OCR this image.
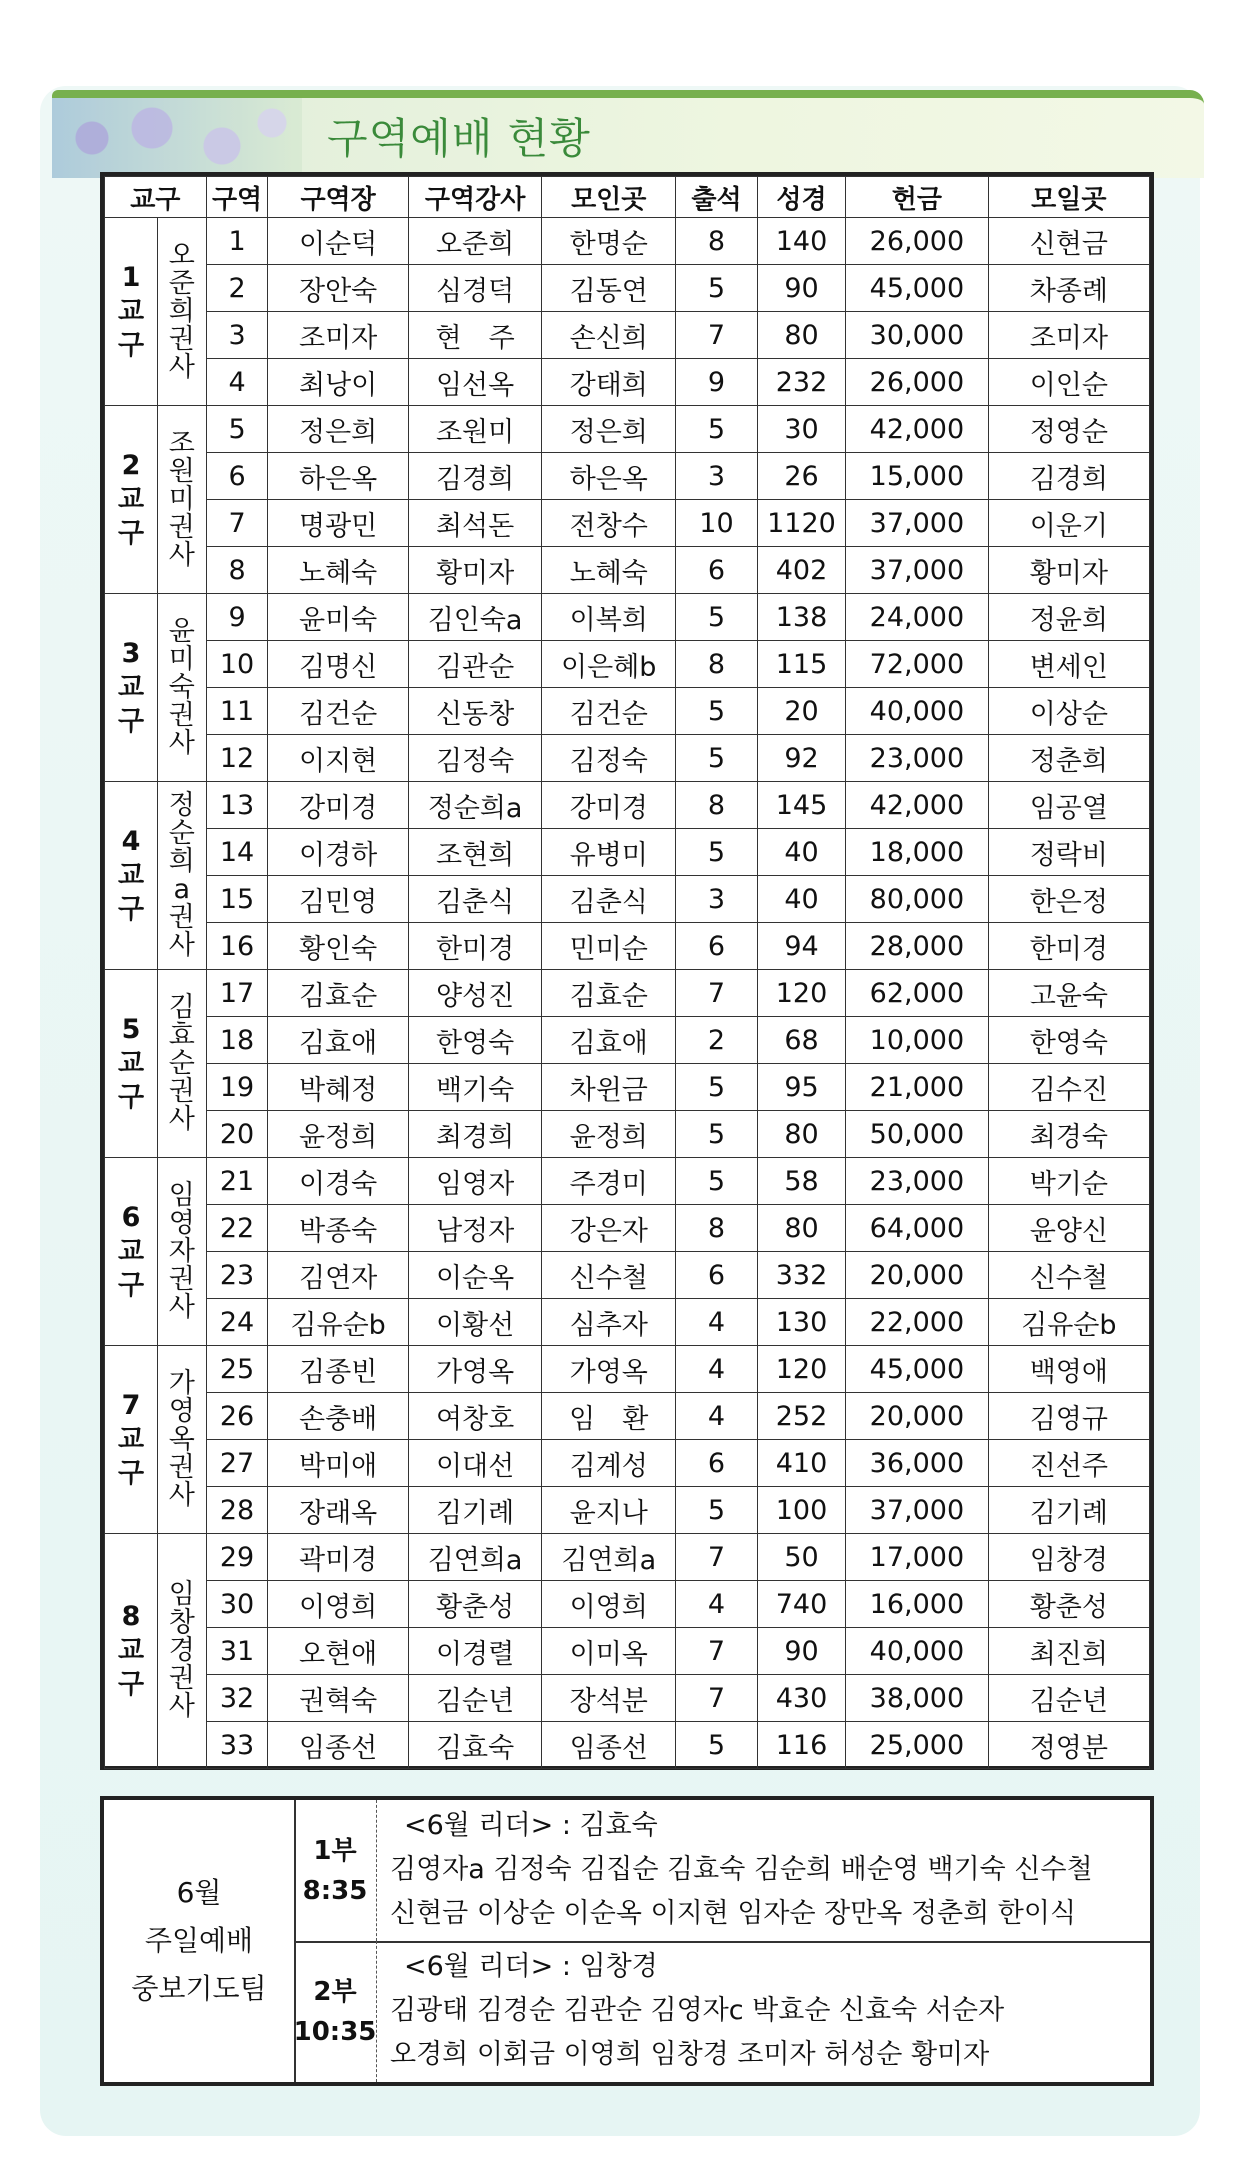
구역예배 현황
교구		구역	구역장	구역강사	모인곳	출석	성경	헌금	모일곳
1교구	오준희 권사	1	이순덕	오준희	한명순	8	140	26,000	신현금
		2	장안숙	심경덕	김동연	5	90	45,000	차종례
		3	조미자	현　주	손신희	7	80	30,000	조미자
		4	최낭이	임선옥	강태희	9	232	26,000	이인순
2교구	조원미 권사	5	정은희	조원미	정은희	5	30	42,000	정영순
		6	하은옥	김경희	하은옥	3	26	15,000	김경희
		7	명광민	최석돈	전창수	10	1120	37,000	이운기
		8	노혜숙	황미자	노혜숙	6	402	37,000	황미자
3교구	윤미숙 권사	9	윤미숙	김인숙a	이복희	5	138	24,000	정윤희
		10	김명신	김관순	이은혜b	8	115	72,000	변세인
		11	김건순	신동창	김건순	5	20	40,000	이상순
		12	이지현	김정숙	김정숙	5	92	23,000	정춘희
4교구	정순희a 권사	13	강미경	정순희a	강미경	8	145	42,000	임공열
		14	이경하	조현희	유병미	5	40	18,000	정락비
		15	김민영	김춘식	김춘식	3	40	80,000	한은정
		16	황인숙	한미경	민미순	6	94	28,000	한미경
5교구	김효순 권사	17	김효순	양성진	김효순	7	120	62,000	고윤숙
		18	김효애	한영숙	김효애	2	68	10,000	한영숙
		19	박혜정	백기숙	차윈금	5	95	21,000	김수진
		20	윤정희	최경희	윤정희	5	80	50,000	최경숙
6교구	임영자 권사	21	이경숙	임영자	주경미	5	58	23,000	박기순
		22	박종숙	남정자	강은자	8	80	64,000	윤양신
		23	김연자	이순옥	신수철	6	332	20,000	신수철
		24	김유순b	이황선	심추자	4	130	22,000	김유순b
7교구	가영옥 권사	25	김종빈	가영옥	가영옥	4	120	45,000	백영애
		26	손충배	여창호	임　환	4	252	20,000	김영규
		27	박미애	이대선	김계성	6	410	36,000	진선주
		28	장래옥	김기례	윤지나	5	100	37,000	김기례
8교구	임창경 권사	29	곽미경	김연희a	김연희a	7	50	17,000	임창경
		30	이영희	황춘성	이영희	4	740	16,000	황춘성
		31	오현애	이경렬	이미옥	7	90	40,000	최진희
		32	권혁숙	김순년	장석분	7	430	38,000	김순년
		33	임종선	김효숙	임종선	5	116	25,000	정영분
6월
주일예배
중보기도팀
1부
8:35
<6월 리더> : 김효숙
김영자a 김정숙 김집순 김효숙 김순희 배순영 백기숙 신수철
신현금 이상순 이순옥 이지현 임자순 장만옥 정춘희 한이식
2부
10:35
<6월 리더> : 임창경
김광태 김경순 김관순 김영자c 박효순 신효숙 서순자
오경희 이회금 이영희 임창경 조미자 허성순 황미자
